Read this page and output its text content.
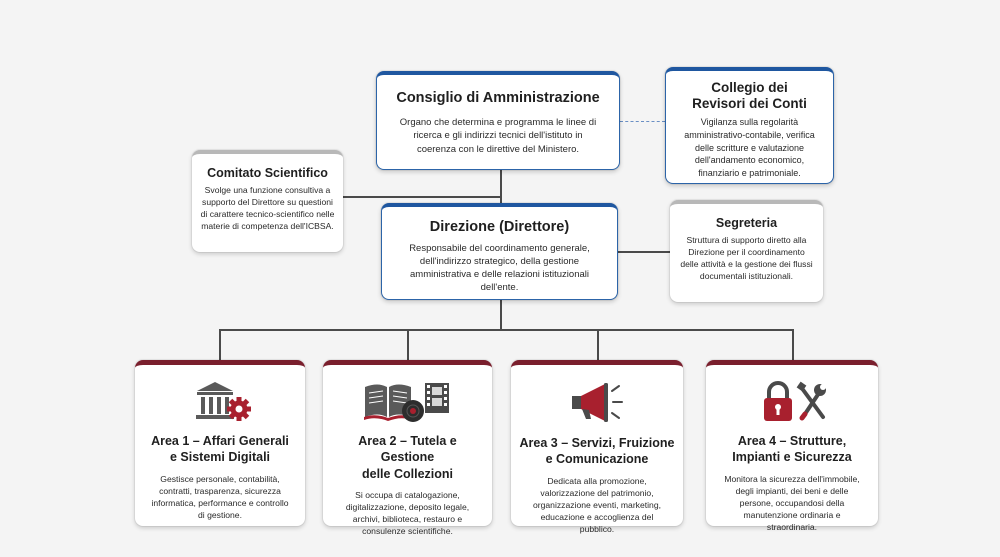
Consiglio di Amministrazione
Organo che determina e programma le linee di ricerca e gli indirizzi tecnici dell'istituto in coerenza con le direttive del Ministero.
Collegio dei
Revisori dei Conti
Vigilanza sulla regolarità amministrativo-contabile, verifica delle scritture e valutazione dell'andamento economico, finanziario e patrimoniale.
Comitato Scientifico
Svolge una funzione consultiva a supporto del Direttore su questioni di carattere tecnico-scientifico nelle materie di competenza dell'ICBSA.	Direzione (Direttore)
Responsabile del coordinamento generale, dell'indirizzo strategico, della gestione amministrativa e delle relazioni istituzionali dell'ente.
Segreteria
Struttura di supporto diretto alla Direzione per il coordinamento delle attività e la gestione dei flussi documentali istituzionali.
Area 1 – Affari Generali
e Sistemi Digitali
Gestisce personale, contabilità, contratti, trasparenza, sicurezza informatica, performance e controllo di gestione.
Area 2 – Tutela e Gestione
delle Collezioni
Si occupa di catalogazione, digitalizzazione, deposito legale, archivi, biblioteca, restauro e consulenze scientifiche.
Area 3 – Servizi, Fruizione
e Comunicazione
Dedicata alla promozione, valorizzazione del patrimonio, organizzazione eventi, marketing, educazione e accoglienza del pubblico.
Area 4 – Strutture,
Impianti e Sicurezza
Monitora la sicurezza dell'immobile, degli impianti, dei beni e delle persone, occupandosi della manutenzione ordinaria e straordinaria.
